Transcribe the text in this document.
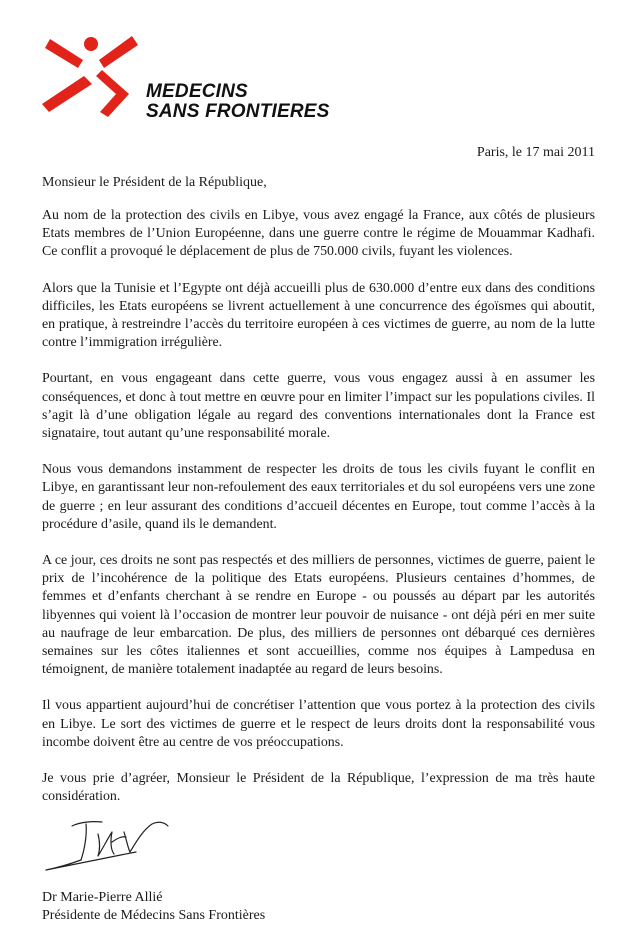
MEDECINS
SANS FRONTIERES
Paris, le 17 mai 2011
Monsieur le Président de la République,

Au nom de la protection des civils en Libye, vous avez engagé la France, aux côtés de plusieurs Etats membres de l’Union Européenne, dans une guerre contre le régime de Mouammar Kadhafi. Ce conflit a provoqué le déplacement de plus de 750.000 civils, fuyant les violences.

Alors que la Tunisie et l’Egypte ont déjà accueilli plus de 630.000 d’entre eux dans des conditions difficiles, les Etats européens se livrent actuellement à une concurrence des égoïsmes qui aboutit, en pratique, à restreindre l’accès du territoire européen à ces victimes de guerre, au nom de la lutte contre l’immigration irrégulière.

Pourtant, en vous engageant dans cette guerre, vous vous engagez aussi à en assumer les conséquences, et donc à tout mettre en œuvre pour en limiter l’impact sur les populations civiles. Il s’agit là d’une obligation légale au regard des conventions internationales dont la France est signataire, tout autant qu’une responsabilité morale.

Nous vous demandons instamment de respecter les droits de tous les civils fuyant le conflit en Libye, en garantissant leur non-refoulement des eaux territoriales et du sol européens vers une zone de guerre ; en leur assurant des conditions d’accueil décentes en Europe, tout comme l’accès à la procédure d’asile, quand ils le demandent.

A ce jour, ces droits ne sont pas respectés et des milliers de personnes, victimes de guerre, paient le prix de l’incohérence de la politique des Etats européens. Plusieurs centaines d’hommes, de femmes et d’enfants cherchant à se rendre en Europe - ou poussés au départ par les autorités libyennes qui voient là l’occasion de montrer leur pouvoir de nuisance - ont déjà péri en mer suite au naufrage de leur embarcation. De plus, des milliers de personnes ont débarqué ces dernières semaines sur les côtes italiennes et sont accueillies, comme nos équipes à Lampedusa en témoignent, de manière totalement inadaptée au regard de leurs besoins.

Il vous appartient aujourd’hui de concrétiser l’attention que vous portez à la protection des civils en Libye. Le sort des victimes de guerre et le respect de leurs droits dont la responsabilité vous incombe doivent être au centre de vos préoccupations.

Je vous prie d’agréer, Monsieur le Président de la République, l’expression de ma très haute considération.

Dr Marie-Pierre Allié
Présidente de Médecins Sans Frontières
